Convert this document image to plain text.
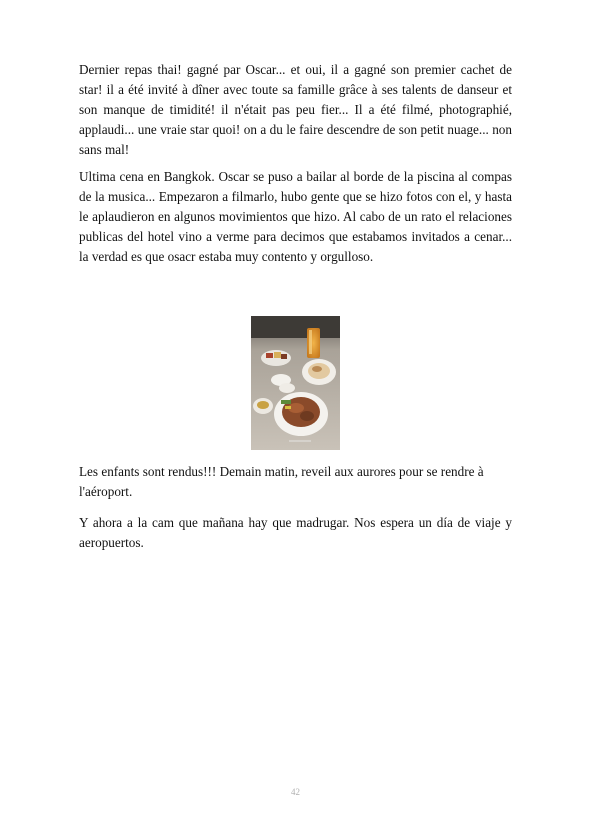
Dernier repas thai! gagné par Oscar... et oui, il a gagné son premier cachet de star! il a été invité à dîner avec toute sa famille grâce à ses talents de danseur et son manque de timidité! il n'était pas peu fier... Il a été filmé, photographié, applaudi... une vraie star quoi! on a du le faire descendre de son petit nuage... non sans mal!

Ultima cena en Bangkok. Oscar se puso a bailar al borde de la piscina al compas de la musica... Empezaron a filmarlo, hubo gente que se hizo fotos con el, y hasta le aplaudieron en algunos movimientos que hizo. Al cabo de un rato el relaciones publicas del hotel vino a verme para decimos que estabamos invitados a cenar... la verdad es que osacr estaba muy contento y orgulloso.

Les enfants sont rendus!!! Demain matin, reveil aux aurores pour se rendre à l'aéroport.

Y ahora a la cam que mañana hay que madrugar. Nos espera un día de viaje y aeropuertos.

42
